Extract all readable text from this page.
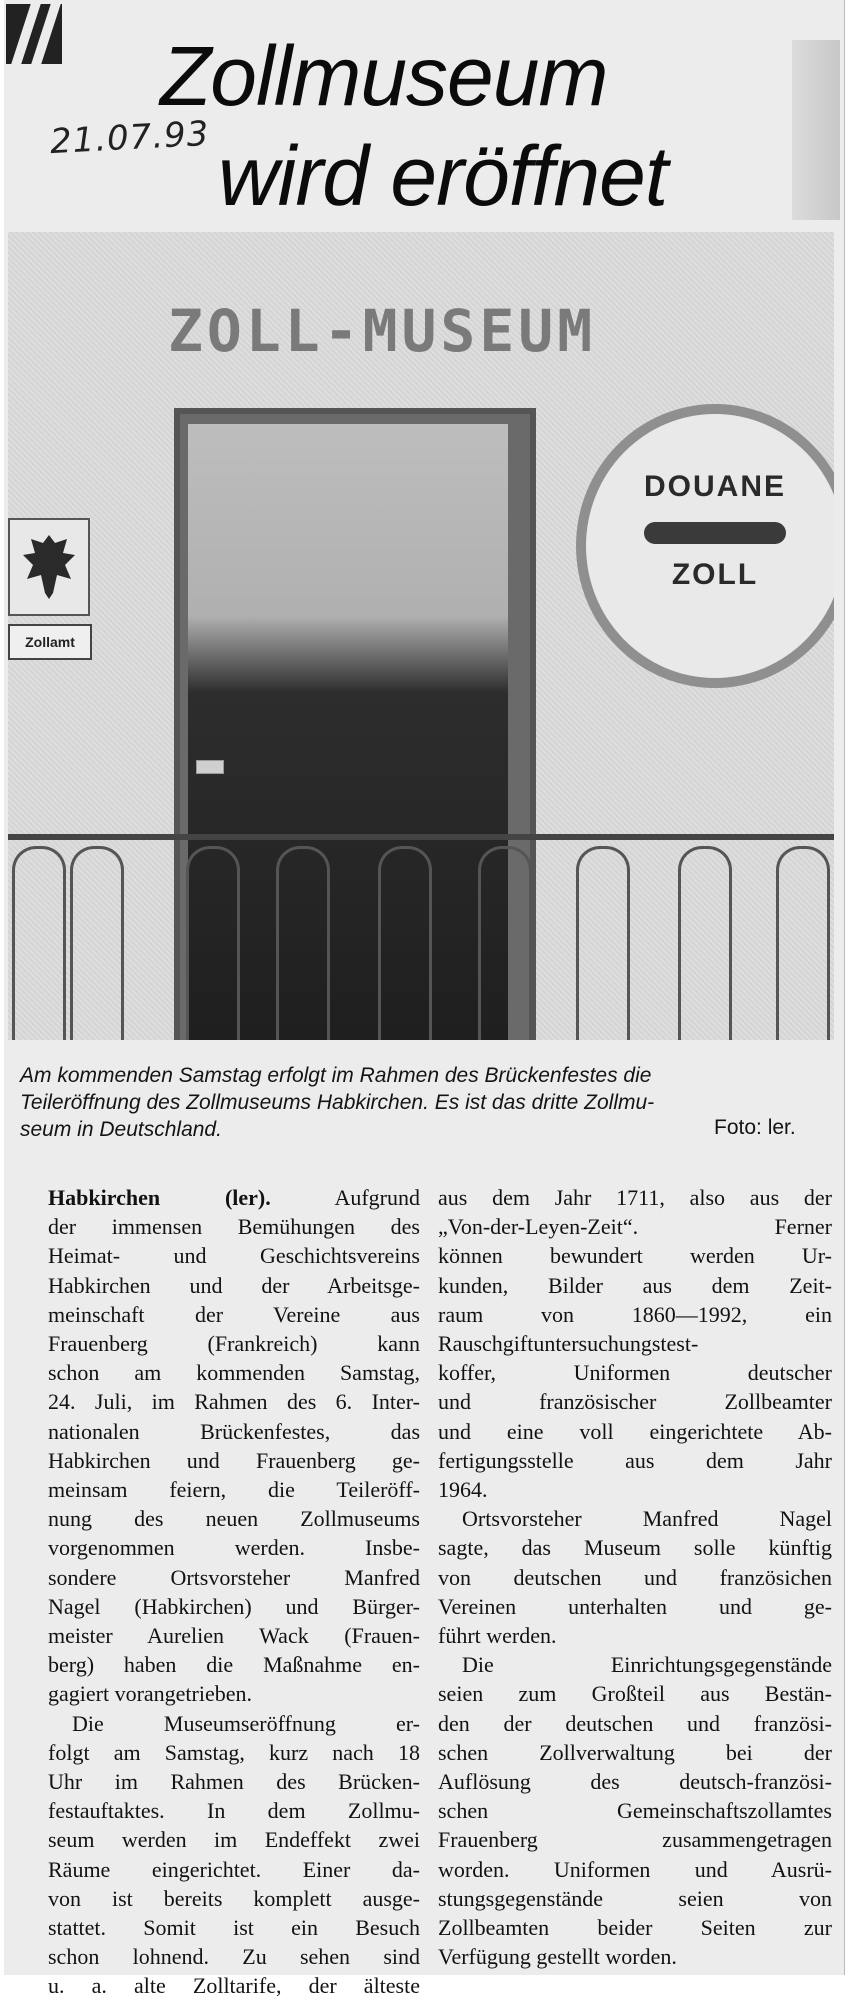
21.07.93
Zollmuseum
wird eröffnet
ZOLL-MUSEUM
Zollamt
DOUANE
ZOLL
Am kommenden Samstag erfolgt im Rahmen des Brückenfestes die
Teileröffnung des Zollmuseums Habkirchen. Es ist das dritte Zollmu-
seum in Deutschland.	Foto: ler.
Habkirchen (ler).	Aufgrund
der immensen Bemühungen des
Heimat- und Geschichtsvereins
Habkirchen und der Arbeitsge-
meinschaft der Vereine aus
Frauenberg (Frankreich) kann
schon am kommenden Samstag,
24. Juli, im Rahmen des 6. Inter-
nationalen Brückenfestes, das
Habkirchen und Frauenberg ge-
meinsam feiern, die Teileröff-
nung des neuen Zollmuseums
vorgenommen werden. Insbe-
sondere Ortsvorsteher Manfred
Nagel (Habkirchen) und Bürger-
meister Aurelien Wack (Frauen-
berg) haben die Maßnahme en-
gagiert vorangetrieben.
Die Museumseröffnung er-
folgt am Samstag, kurz nach 18
Uhr im Rahmen des Brücken-
festauftaktes. In dem Zollmu-
seum werden im Endeffekt zwei
Räume eingerichtet. Einer da-
von ist bereits komplett ausge-
stattet. Somit ist ein Besuch
schon lohnend. Zu sehen sind
u. a. alte Zolltarife, der älteste
aus dem Jahr 1711, also aus der
„Von-der-Leyen-Zeit“. Ferner
können bewundert werden Ur-
kunden, Bilder aus dem Zeit-
raum von 1860—1992, ein
Rauschgiftuntersuchungstest-
koffer, Uniformen deutscher
und französischer Zollbeamter
und eine voll eingerichtete Ab-
fertigungsstelle aus dem Jahr
1964.
Ortsvorsteher Manfred Nagel
sagte, das Museum solle künftig
von deutschen und französichen
Vereinen unterhalten und ge-
führt werden.
Die Einrichtungsgegenstände
seien zum Großteil aus Bestän-
den der deutschen und französi-
schen Zollverwaltung bei der
Auflösung des deutsch-französi-
schen Gemeinschaftszollamtes
Frauenberg zusammengetragen
worden. Uniformen und Ausrü-
stungsgegenstände seien von
Zollbeamten beider Seiten zur
Verfügung gestellt worden.
